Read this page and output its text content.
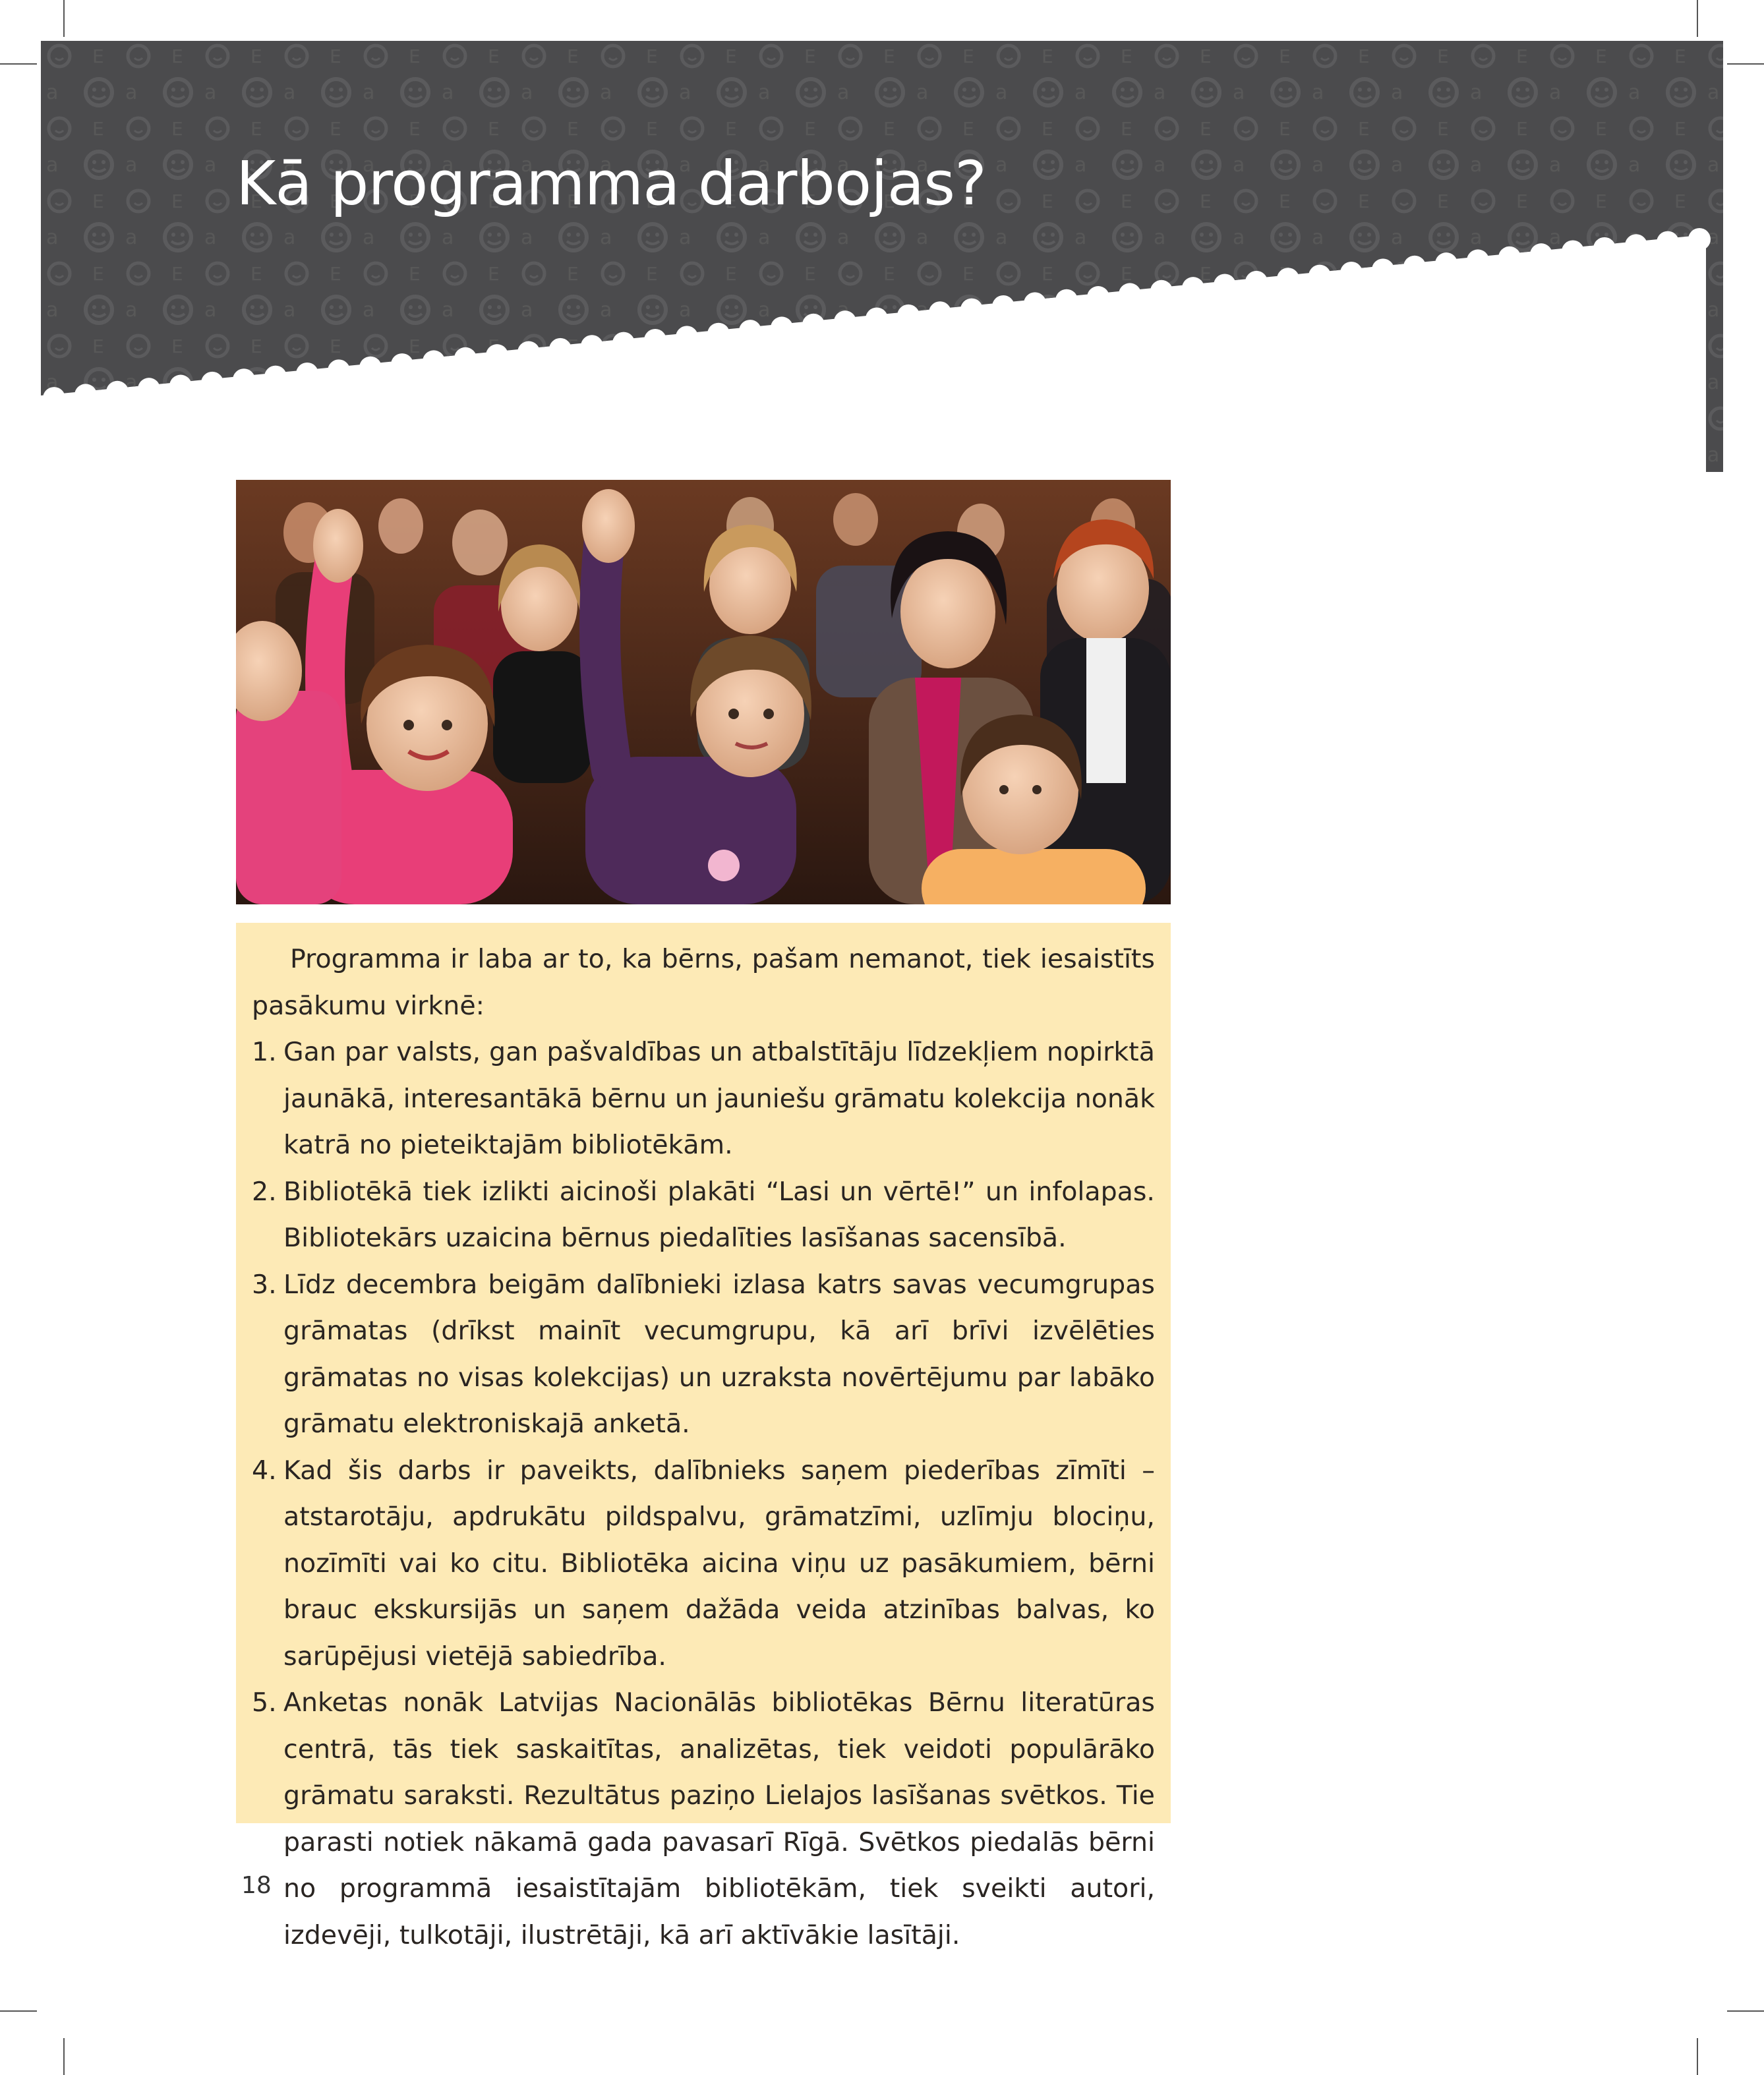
Kā programma darbojas?

Programma ir laba ar to, ka bērns, pašam nemanot, tiek iesaistīts pasākumu virknē:

1. Gan par valsts, gan pašvaldības un atbalstītāju līdzekļiem nopirktā jaunākā, interesantākā bērnu un jauniešu grāmatu kolekcija nonāk katrā no pieteiktajām bibliotēkām.
2. Bibliotēkā tiek izlikti aicinoši plakāti “Lasi un vērtē!” un infolapas. Bibliotekārs uzaicina bērnus piedalīties lasīšanas sacensībā.
3. Līdz decembra beigām dalībnieki izlasa katrs savas vecumgrupas grāmatas (drīkst mainīt vecumgrupu, kā arī brīvi izvēlēties grāmatas no visas kolekcijas) un uzraksta novērtējumu par labāko grāmatu elektroniskajā anketā.
4. Kad šis darbs ir paveikts, dalībnieks saņem piederības zīmīti – atstarotāju, apdrukātu pildspalvu, grāmatzīmi, uzlīmju blociņu, nozīmīti vai ko citu. Bibliotēka aicina viņu uz pasākumiem, bērni brauc ekskursijās un saņem dažāda veida atzinības balvas, ko sarūpējusi vietējā sabiedrība.
5. Anketas nonāk Latvijas Nacionālās bibliotēkas Bērnu literatūras centrā, tās tiek saskaitītas, analizētas, tiek veidoti populārāko grāmatu saraksti. Rezultātus paziņo Lielajos lasīšanas svētkos. Tie parasti notiek nākamā gada pavasarī Rīgā. Svētkos piedalās bērni no programmā iesaistītajām bibliotēkām, tiek sveikti autori, izdevēji, tulkotāji, ilustrētāji, kā arī aktīvākie lasītāji.
18
